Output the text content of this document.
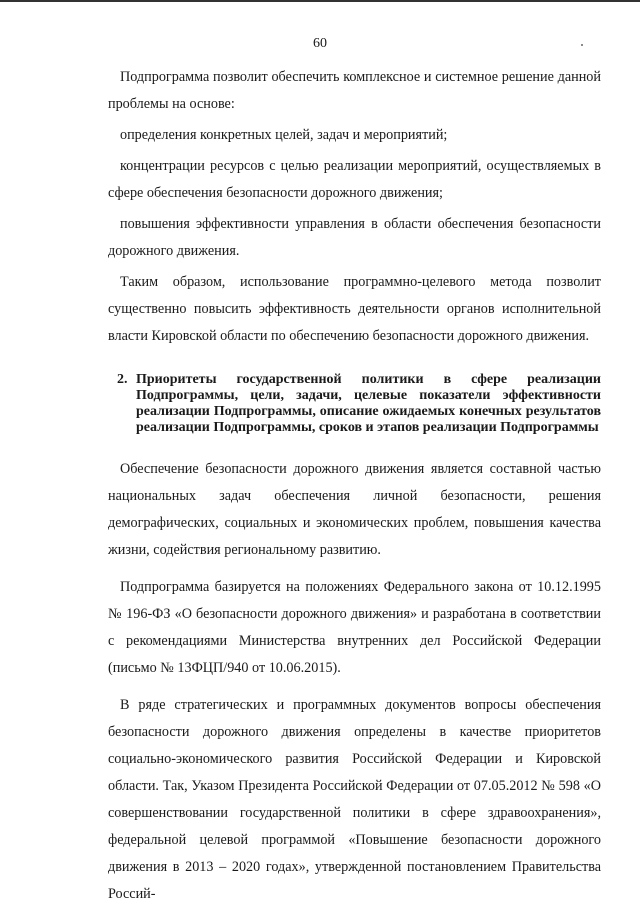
60

Подпрограмма позволит обеспечить комплексное и системное решение данной проблемы на основе:

определения конкретных целей, задач и мероприятий;

концентрации ресурсов с целью реализации мероприятий, осуществляемых в сфере обеспечения безопасности дорожного движения;

повышения эффективности управления в области обеспечения безопасности дорожного движения.

Таким образом, использование программно-целевого метода позволит существенно повысить эффективность деятельности органов исполнительной власти Кировской области по обеспечению безопасности дорожного движения.

2. Приоритеты государственной политики в сфере реализации Подпрограммы, цели, задачи, целевые показатели эффективности реализации Подпрограммы, описание ожидаемых конечных результатов реализации Подпрограммы, сроков и этапов реализации Подпрограммы

Обеспечение безопасности дорожного движения является составной частью национальных задач обеспечения личной безопасности, решения демографических, социальных и экономических проблем, повышения качества жизни, содействия региональному развитию.

Подпрограмма базируется на положениях Федерального закона от 10.12.1995 № 196-ФЗ «О безопасности дорожного движения» и разработана в соответствии с рекомендациями Министерства внутренних дел Российской Федерации (письмо № 13ФЦП/940 от 10.06.2015).

В ряде стратегических и программных документов вопросы обеспечения безопасности дорожного движения определены в качестве приоритетов социально-экономического развития Российской Федерации и Кировской области. Так, Указом Президента Российской Федерации от 07.05.2012 № 598 «О совершенствовании государственной политики в сфере здравоохранения», федеральной целевой программой «Повышение безопасности дорожного движения в 2013 – 2020 годах», утвержденной постановлением Правительства Россий-
